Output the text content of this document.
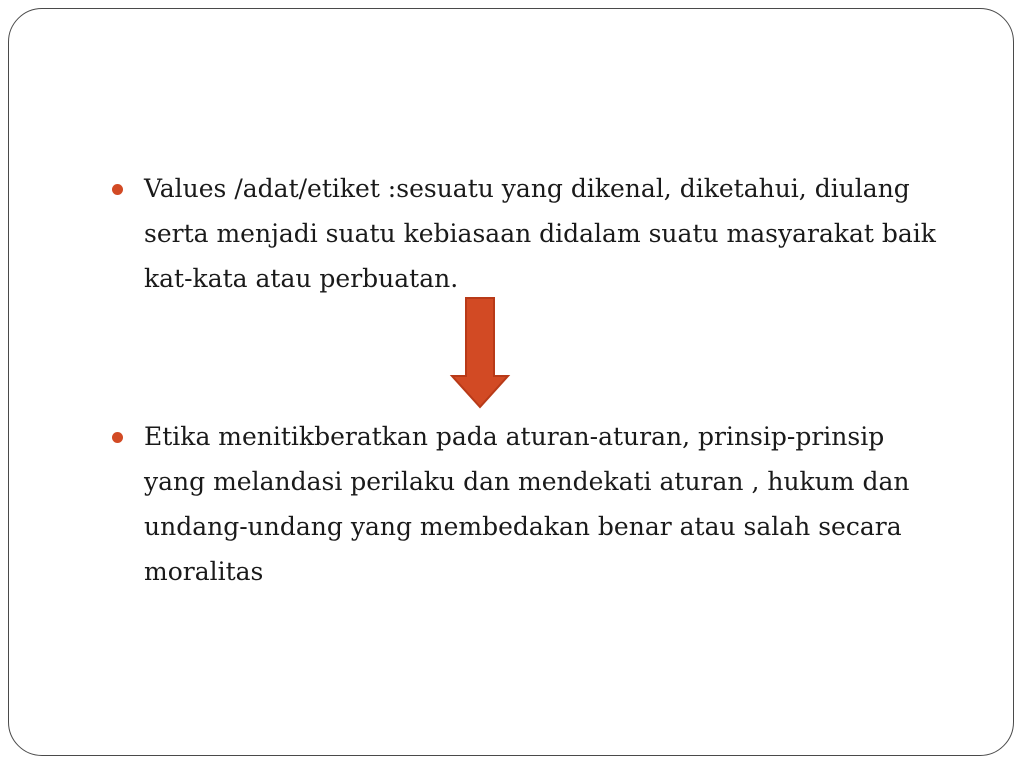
Values /adat/etiket :sesuatu yang dikenal, diketahui, diulang
serta menjadi suatu kebiasaan didalam suatu masyarakat baik
kat-kata atau perbuatan.
Etika menitikberatkan pada aturan-aturan, prinsip-prinsip
yang melandasi perilaku dan mendekati aturan , hukum dan
undang-undang yang membedakan benar atau salah secara
moralitas
